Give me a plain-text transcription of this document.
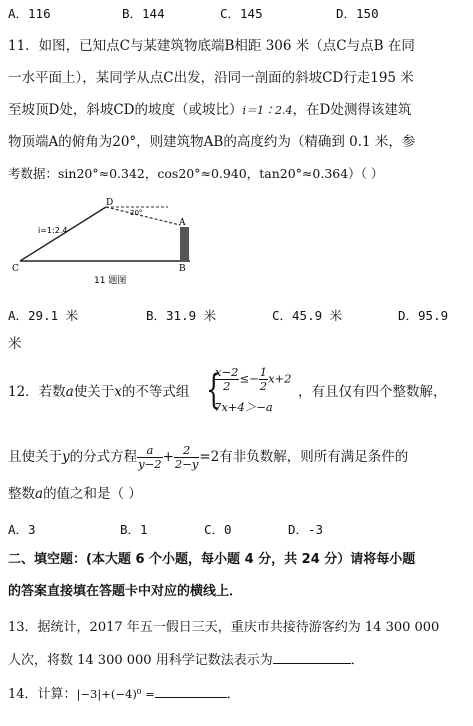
A．116	B．144	C．145	D．150
11．如图，已知点C与某建筑物底端B相距 306 米（点C与点B 在同
一水平面上），某同学从点C出发，沿同一剖面的斜坡CD行走195 米
至坡顶D处，斜坡CD的坡度（或坡比）i＝1∶2.4，在D处测得该建筑
物顶端A的俯角为20°，则建筑物AB的高度约为（精确到 0.1 米，参
考数据：sin20°≈0.342，cos20°≈0.940，tan20°≈0.364）（ ）
C
D
A
B
i=1:2.4
20°
11 题图
A．29.1 米	B．31.9 米	C．45.9 米	D．95.9
米
12．若数a使关于x的不等式组 {
$\frac{x-2}{2} \le- \frac{1}{2} x+2$
7x+4＞−a
，有且仅有四个整数解，
且使关于y的分式方程 $\frac{a}{y-2} + \frac{2}{2-y} =2$有非负数解，则所有满足条件的
整数a的值之和是（ ）
A．3	B．1	C．0	D．-3
二、填空题：(本大题 6 个小题，每小题 4 分，共 24 分）请将每小题
的答案直接填在答题卡中对应的横线上．
13．据统计，2017 年五一假日三天，重庆市共接待游客约为 14 300 000
人次，将数 14 300 000 用科学记数法表示为	．
14．计算：|−3|+(−4)⁰ =	．
